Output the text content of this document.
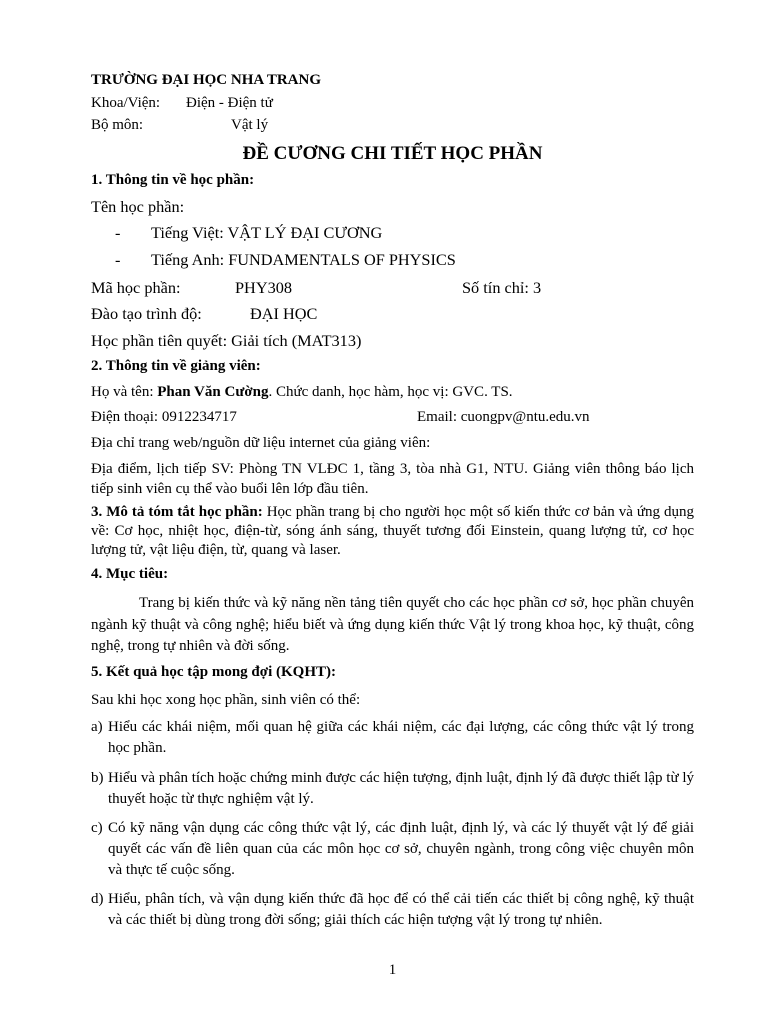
TRƯỜNG ĐẠI HỌC NHA TRANG
Khoa/Viện: Điện - Điện tử
Bộ môn:	Vật lý
ĐỀ CƯƠNG CHI TIẾT HỌC PHẦN
1. Thông tin về học phần:
Tên học phần:
- Tiếng Việt: VẬT LÝ ĐẠI CƯƠNG
- Tiếng Anh: FUNDAMENTALS OF PHYSICS
Mã học phần:	PHY308	Số tín chỉ: 3
Đào tạo trình độ:	ĐẠI HỌC
Học phần tiên quyết: Giải tích (MAT313)
2. Thông tin về giảng viên:
Họ và tên: Phan Văn Cường. Chức danh, học hàm, học vị: GVC. TS.
Điện thoại: 0912234717	Email: cuongpv@ntu.edu.vn
Địa chỉ trang web/nguồn dữ liệu internet của giảng viên:
Địa điểm, lịch tiếp SV: Phòng TN VLĐC 1, tầng 3, tòa nhà G1, NTU. Giảng viên thông báo lịch tiếp sinh viên cụ thể vào buổi lên lớp đầu tiên.
3. Mô tả tóm tắt học phần: Học phần trang bị cho người học một số kiến thức cơ bản và ứng dụng về: Cơ học, nhiệt học, điện-từ, sóng ánh sáng, thuyết tương đối Einstein, quang lượng tử, cơ học lượng tử, vật liệu điện, từ, quang và laser.
4. Mục tiêu:
Trang bị kiến thức và kỹ năng nền tảng tiên quyết cho các học phần cơ sở, học phần chuyên ngành kỹ thuật và công nghệ; hiểu biết và ứng dụng kiến thức Vật lý trong khoa học, kỹ thuật, công nghệ, trong tự nhiên và đời sống.
5. Kết quả học tập mong đợi (KQHT):
Sau khi học xong học phần, sinh viên có thể:
a) Hiểu các khái niệm, mối quan hệ giữa các khái niệm, các đại lượng, các công thức vật lý trong học phần.
b) Hiểu và phân tích hoặc chứng minh được các hiện tượng, định luật, định lý đã được thiết lập từ lý thuyết hoặc từ thực nghiệm vật lý.
c) Có kỹ năng vận dụng các công thức vật lý, các định luật, định lý, và các lý thuyết vật lý để giải quyết các vấn đề liên quan của các môn học cơ sở, chuyên ngành, trong công việc chuyên môn và thực tế cuộc sống.
d) Hiểu, phân tích, và vận dụng kiến thức đã học để có thể cải tiến các thiết bị công nghệ, kỹ thuật và các thiết bị dùng trong đời sống; giải thích các hiện tượng vật lý trong tự nhiên.
1
